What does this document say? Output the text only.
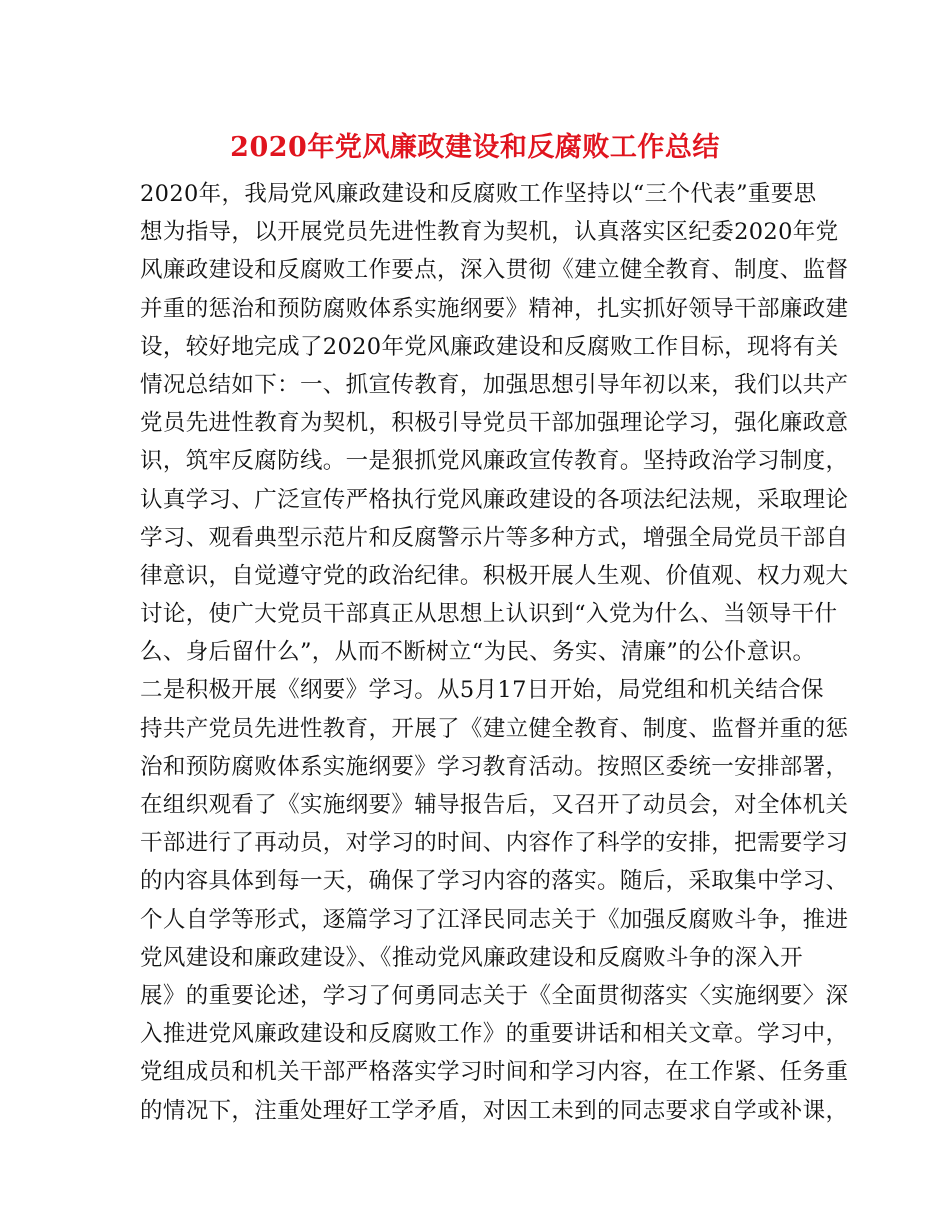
2020年党风廉政建设和反腐败工作总结
2020年，我局党风廉政建设和反腐败工作坚持以“三个代表”重要思
想为指导，以开展党员先进性教育为契机，认真落实区纪委2020年党
风廉政建设和反腐败工作要点，深入贯彻《建立健全教育、制度、监督
并重的惩治和预防腐败体系实施纲要》精神，扎实抓好领导干部廉政建
设，较好地完成了2020年党风廉政建设和反腐败工作目标，现将有关
情况总结如下：一、抓宣传教育，加强思想引导年初以来，我们以共产
党员先进性教育为契机，积极引导党员干部加强理论学习，强化廉政意
识，筑牢反腐防线。一是狠抓党风廉政宣传教育。坚持政治学习制度，
认真学习、广泛宣传严格执行党风廉政建设的各项法纪法规，采取理论
学习、观看典型示范片和反腐警示片等多种方式，增强全局党员干部自
律意识，自觉遵守党的政治纪律。积极开展人生观、价值观、权力观大
讨论，使广大党员干部真正从思想上认识到“入党为什么、当领导干什
么、身后留什么”，从而不断树立“为民、务实、清廉”的公仆意识。
二是积极开展《纲要》学习。从5月17日开始，局党组和机关结合保
持共产党员先进性教育，开展了《建立健全教育、制度、监督并重的惩
治和预防腐败体系实施纲要》学习教育活动。按照区委统一安排部署，
在组织观看了《实施纲要》辅导报告后，又召开了动员会，对全体机关
干部进行了再动员，对学习的时间、内容作了科学的安排，把需要学习
的内容具体到每一天，确保了学习内容的落实。随后，采取集中学习、
个人自学等形式，逐篇学习了江泽民同志关于《加强反腐败斗争，推进
党风建设和廉政建设》、《推动党风廉政建设和反腐败斗争的深入开
展》的重要论述，学习了何勇同志关于《全面贯彻落实〈实施纲要〉深
入推进党风廉政建设和反腐败工作》的重要讲话和相关文章。学习中，
党组成员和机关干部严格落实学习时间和学习内容，在工作紧、任务重
的情况下，注重处理好工学矛盾，对因工未到的同志要求自学或补课，
